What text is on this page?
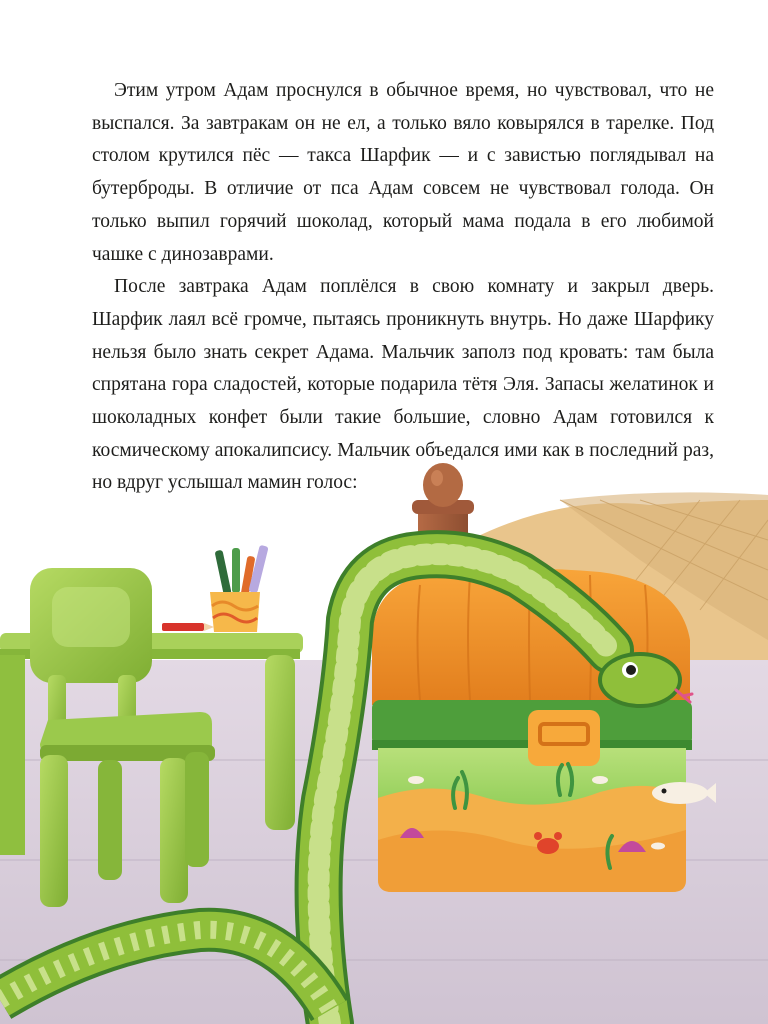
Этим утром Адам проснулся в обычное время, но чувствовал, что не выспался. За завтракам он не ел, а только вяло ковырялся в тарелке. Под столом крутился пёс — такса Шарфик — и с завистью поглядывал на бутерброды. В отличие от пса Адам совсем не чувствовал голода. Он только выпил горячий шоколад, который мама подала в его любимой чашке с динозаврами.

После завтрака Адам поплёлся в свою комнату и закрыл дверь. Шарфик лаял всё громче, пытаясь проникнуть внутрь. Но даже Шарфику нельзя было знать секрет Адама. Мальчик заполз под кровать: там была спрятана гора сладостей, которые подарила тётя Эля. Запасы желатинок и шоколадных конфет были такие большие, словно Адам готовился к космическому апокалипсису. Мальчик объедался ими как в последний раз, но вдруг услышал мамин голос:
